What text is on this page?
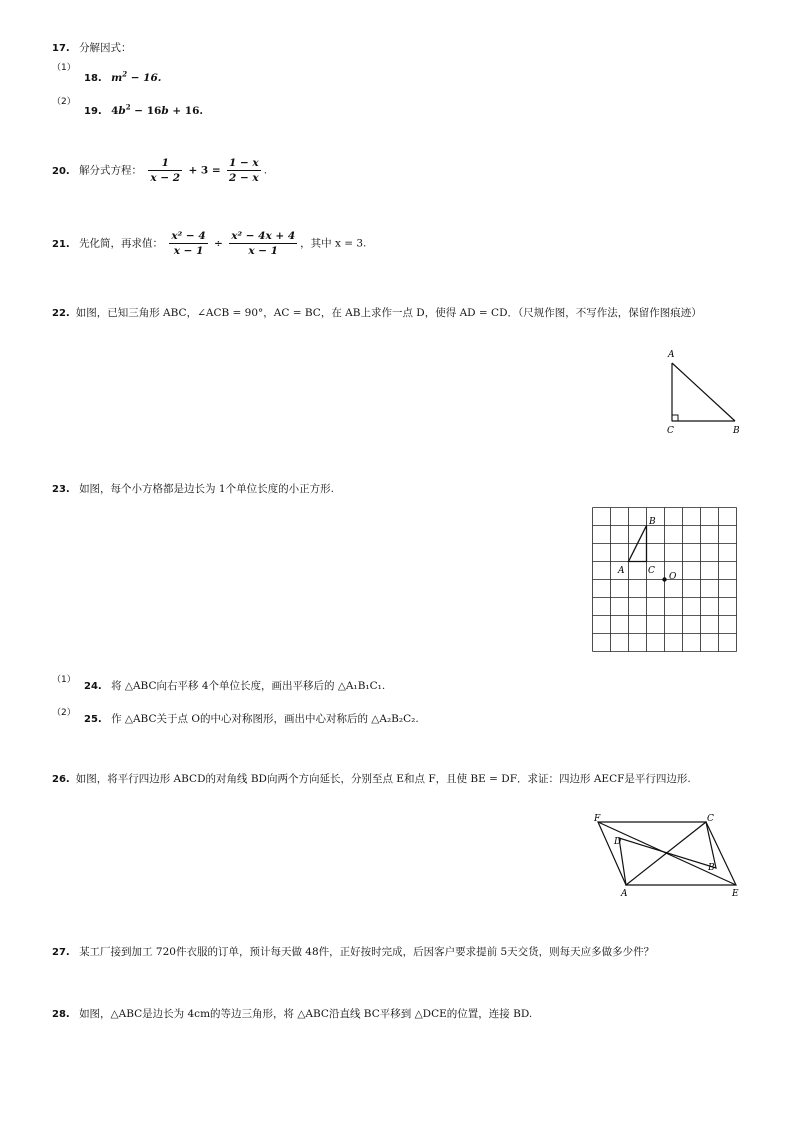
17. 分解因式：
（1）
18. $m^2 - 16$.
（2）
19. $4b^2 - 16b + 16$.
20. 解分式方程： $\frac{1}{x - 2} + 3 = \frac{1 - x}{2 - x}$ .
21. 先化简，再求值： $\frac{\text{x² − 4}}{x - 1} \div \frac{\text{x² − 4x + 4}}{x - 1}$ ，其中 x = 3.
22. 如图，已知三角形 ABC，∠ACB = 90°，AC = BC，在 AB上求作一点 D，使得 AD = CD．（尺规作图，不写作法，保留作图痕迹）
A
C	B
23. 如图，每个小方格都是边长为 1个单位长度的小正方形.
A
B
C
O
（1）
24. 将 △ABC向右平移 4个单位长度，画出平移后的 △A₁B₁C₁.
（2）
25. 作 △ABC关于点 O的中心对称图形，画出中心对称后的 △A₂B₂C₂.
26. 如图，将平行四边形 ABCD的对角线 BD向两个方向延长，分别至点 E和点 F，且使 BE = DF．求证：四边形 AECF是平行四边形.
F	C
D
B
A	E
27. 某工厂接到加工 720件衣服的订单，预计每天做 48件，正好按时完成，后因客户要求提前 5天交货，则每天应多做多少件？
28. 如图，△ABC是边长为 4cm的等边三角形，将 △ABC沿直线 BC平移到 △DCE的位置，连接 BD.
